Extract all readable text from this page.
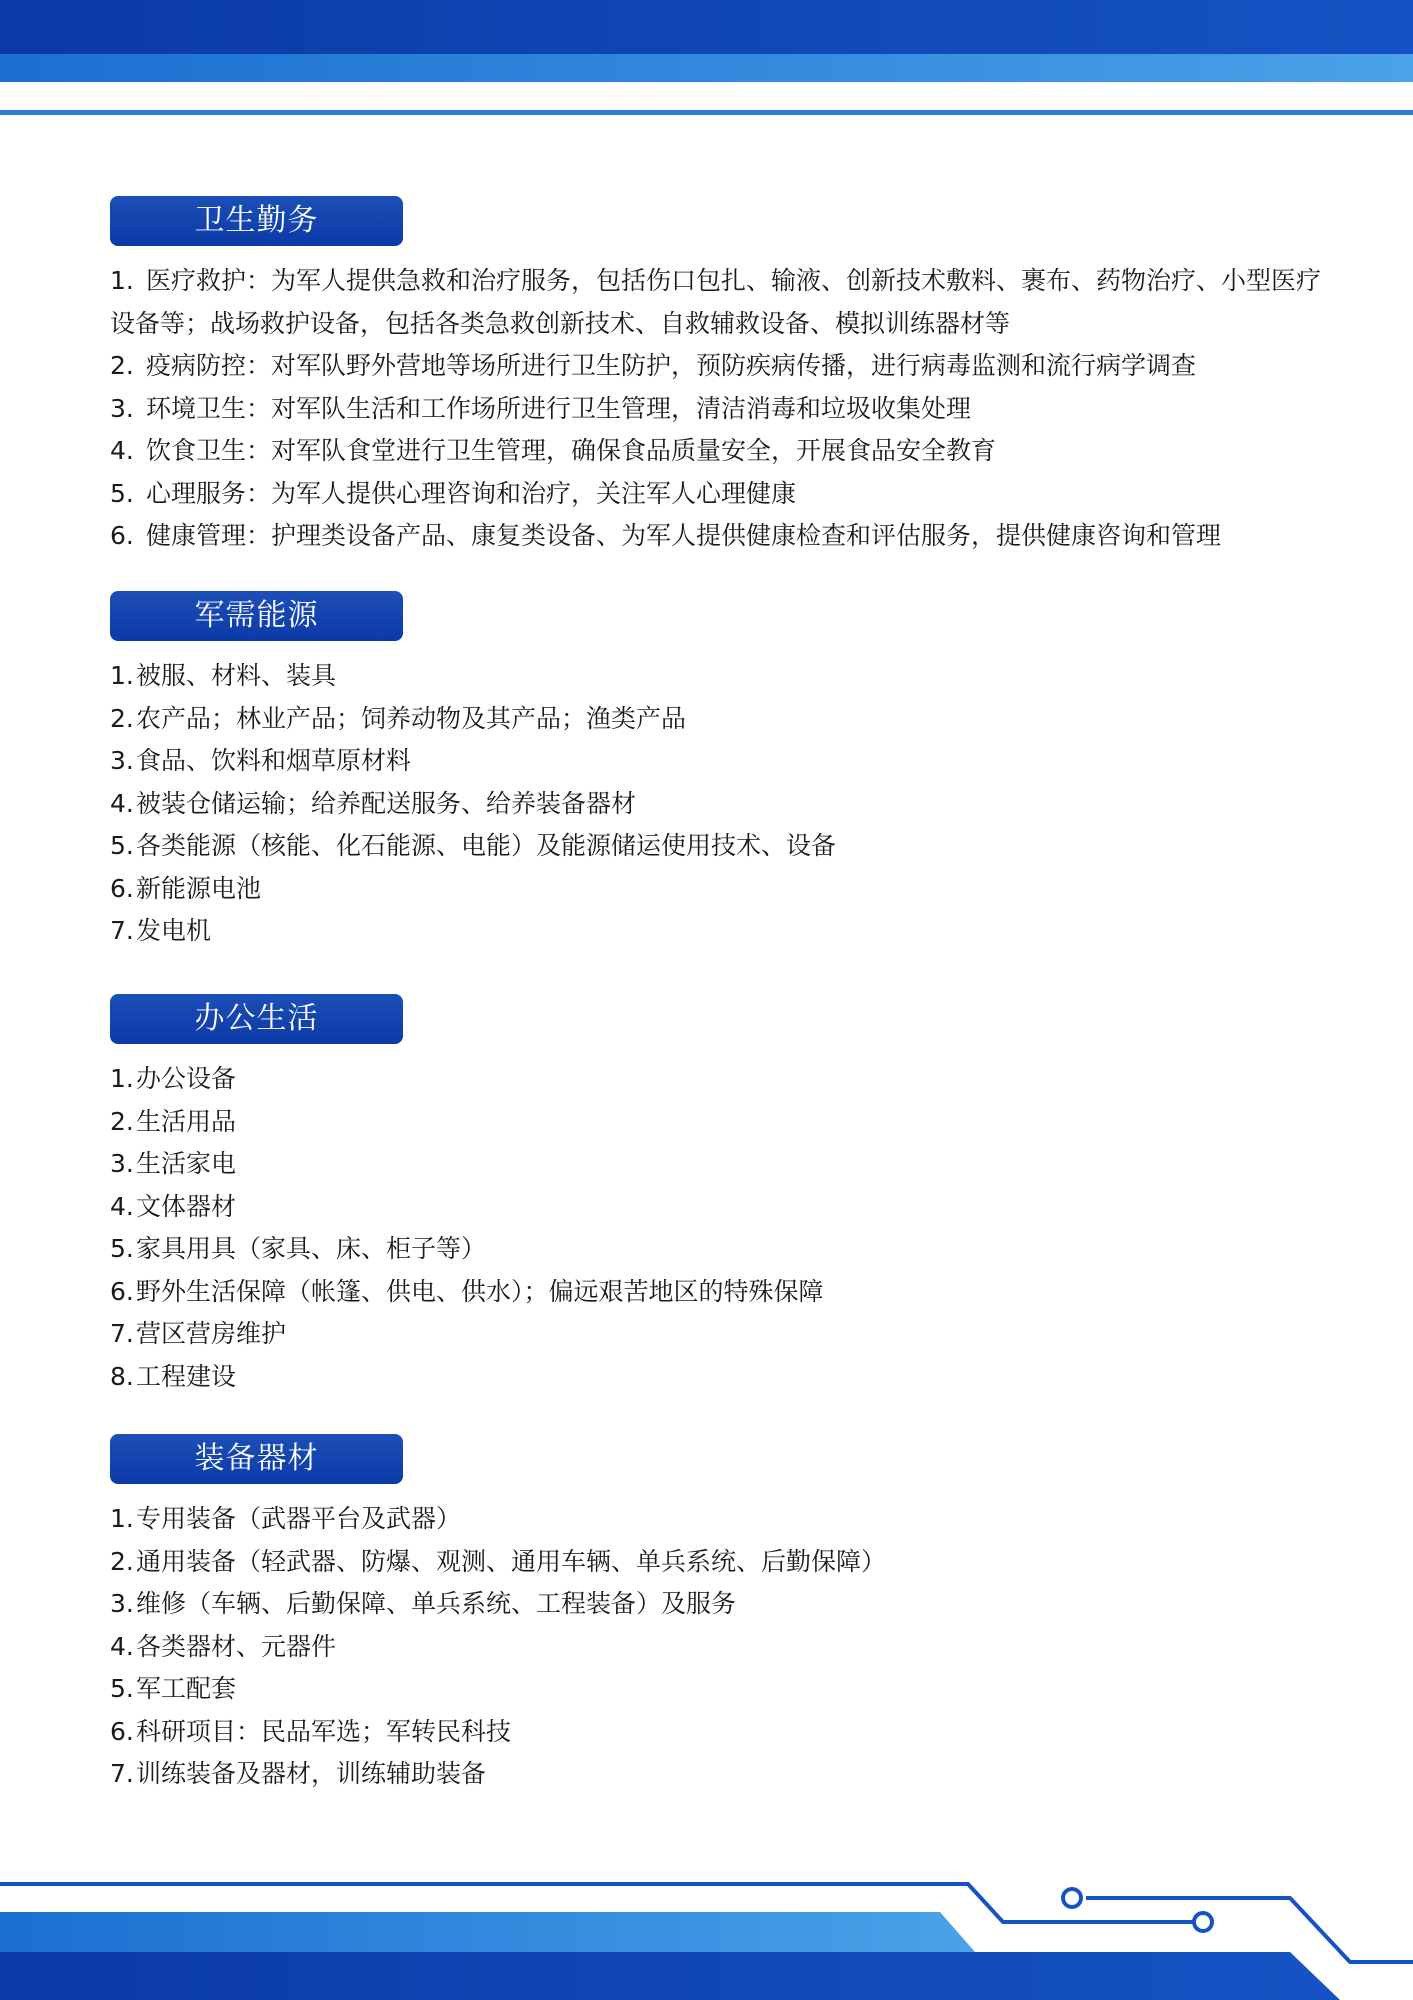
卫生勤务
1. 医疗救护：为军人提供急救和治疗服务，包括伤口包扎、输液、创新技术敷料、裹布、药物治疗、小型医疗设备等；战场救护设备，包括各类急救创新技术、自救辅救设备、模拟训练器材等
2. 疫病防控：对军队野外营地等场所进行卫生防护，预防疾病传播，进行病毒监测和流行病学调查
3. 环境卫生：对军队生活和工作场所进行卫生管理，清洁消毒和垃圾收集处理
4. 饮食卫生：对军队食堂进行卫生管理，确保食品质量安全，开展食品安全教育
5. 心理服务：为军人提供心理咨询和治疗，关注军人心理健康
6. 健康管理：护理类设备产品、康复类设备、为军人提供健康检查和评估服务，提供健康咨询和管理
军需能源
1.被服、材料、装具
2.农产品；林业产品；饲养动物及其产品；渔类产品
3.食品、饮料和烟草原材料
4.被装仓储运输；给养配送服务、给养装备器材
5.各类能源（核能、化石能源、电能）及能源储运使用技术、设备
6.新能源电池
7.发电机
办公生活
1.办公设备
2.生活用品
3.生活家电
4.文体器材
5.家具用具（家具、床、柜子等）
6.野外生活保障（帐篷、供电、供水）；偏远艰苦地区的特殊保障
7.营区营房维护
8.工程建设
装备器材
1.专用装备（武器平台及武器）
2.通用装备（轻武器、防爆、观测、通用车辆、单兵系统、后勤保障）
3.维修（车辆、后勤保障、单兵系统、工程装备）及服务
4.各类器材、元器件
5.军工配套
6.科研项目：民品军选；军转民科技
7.训练装备及器材，训练辅助装备
